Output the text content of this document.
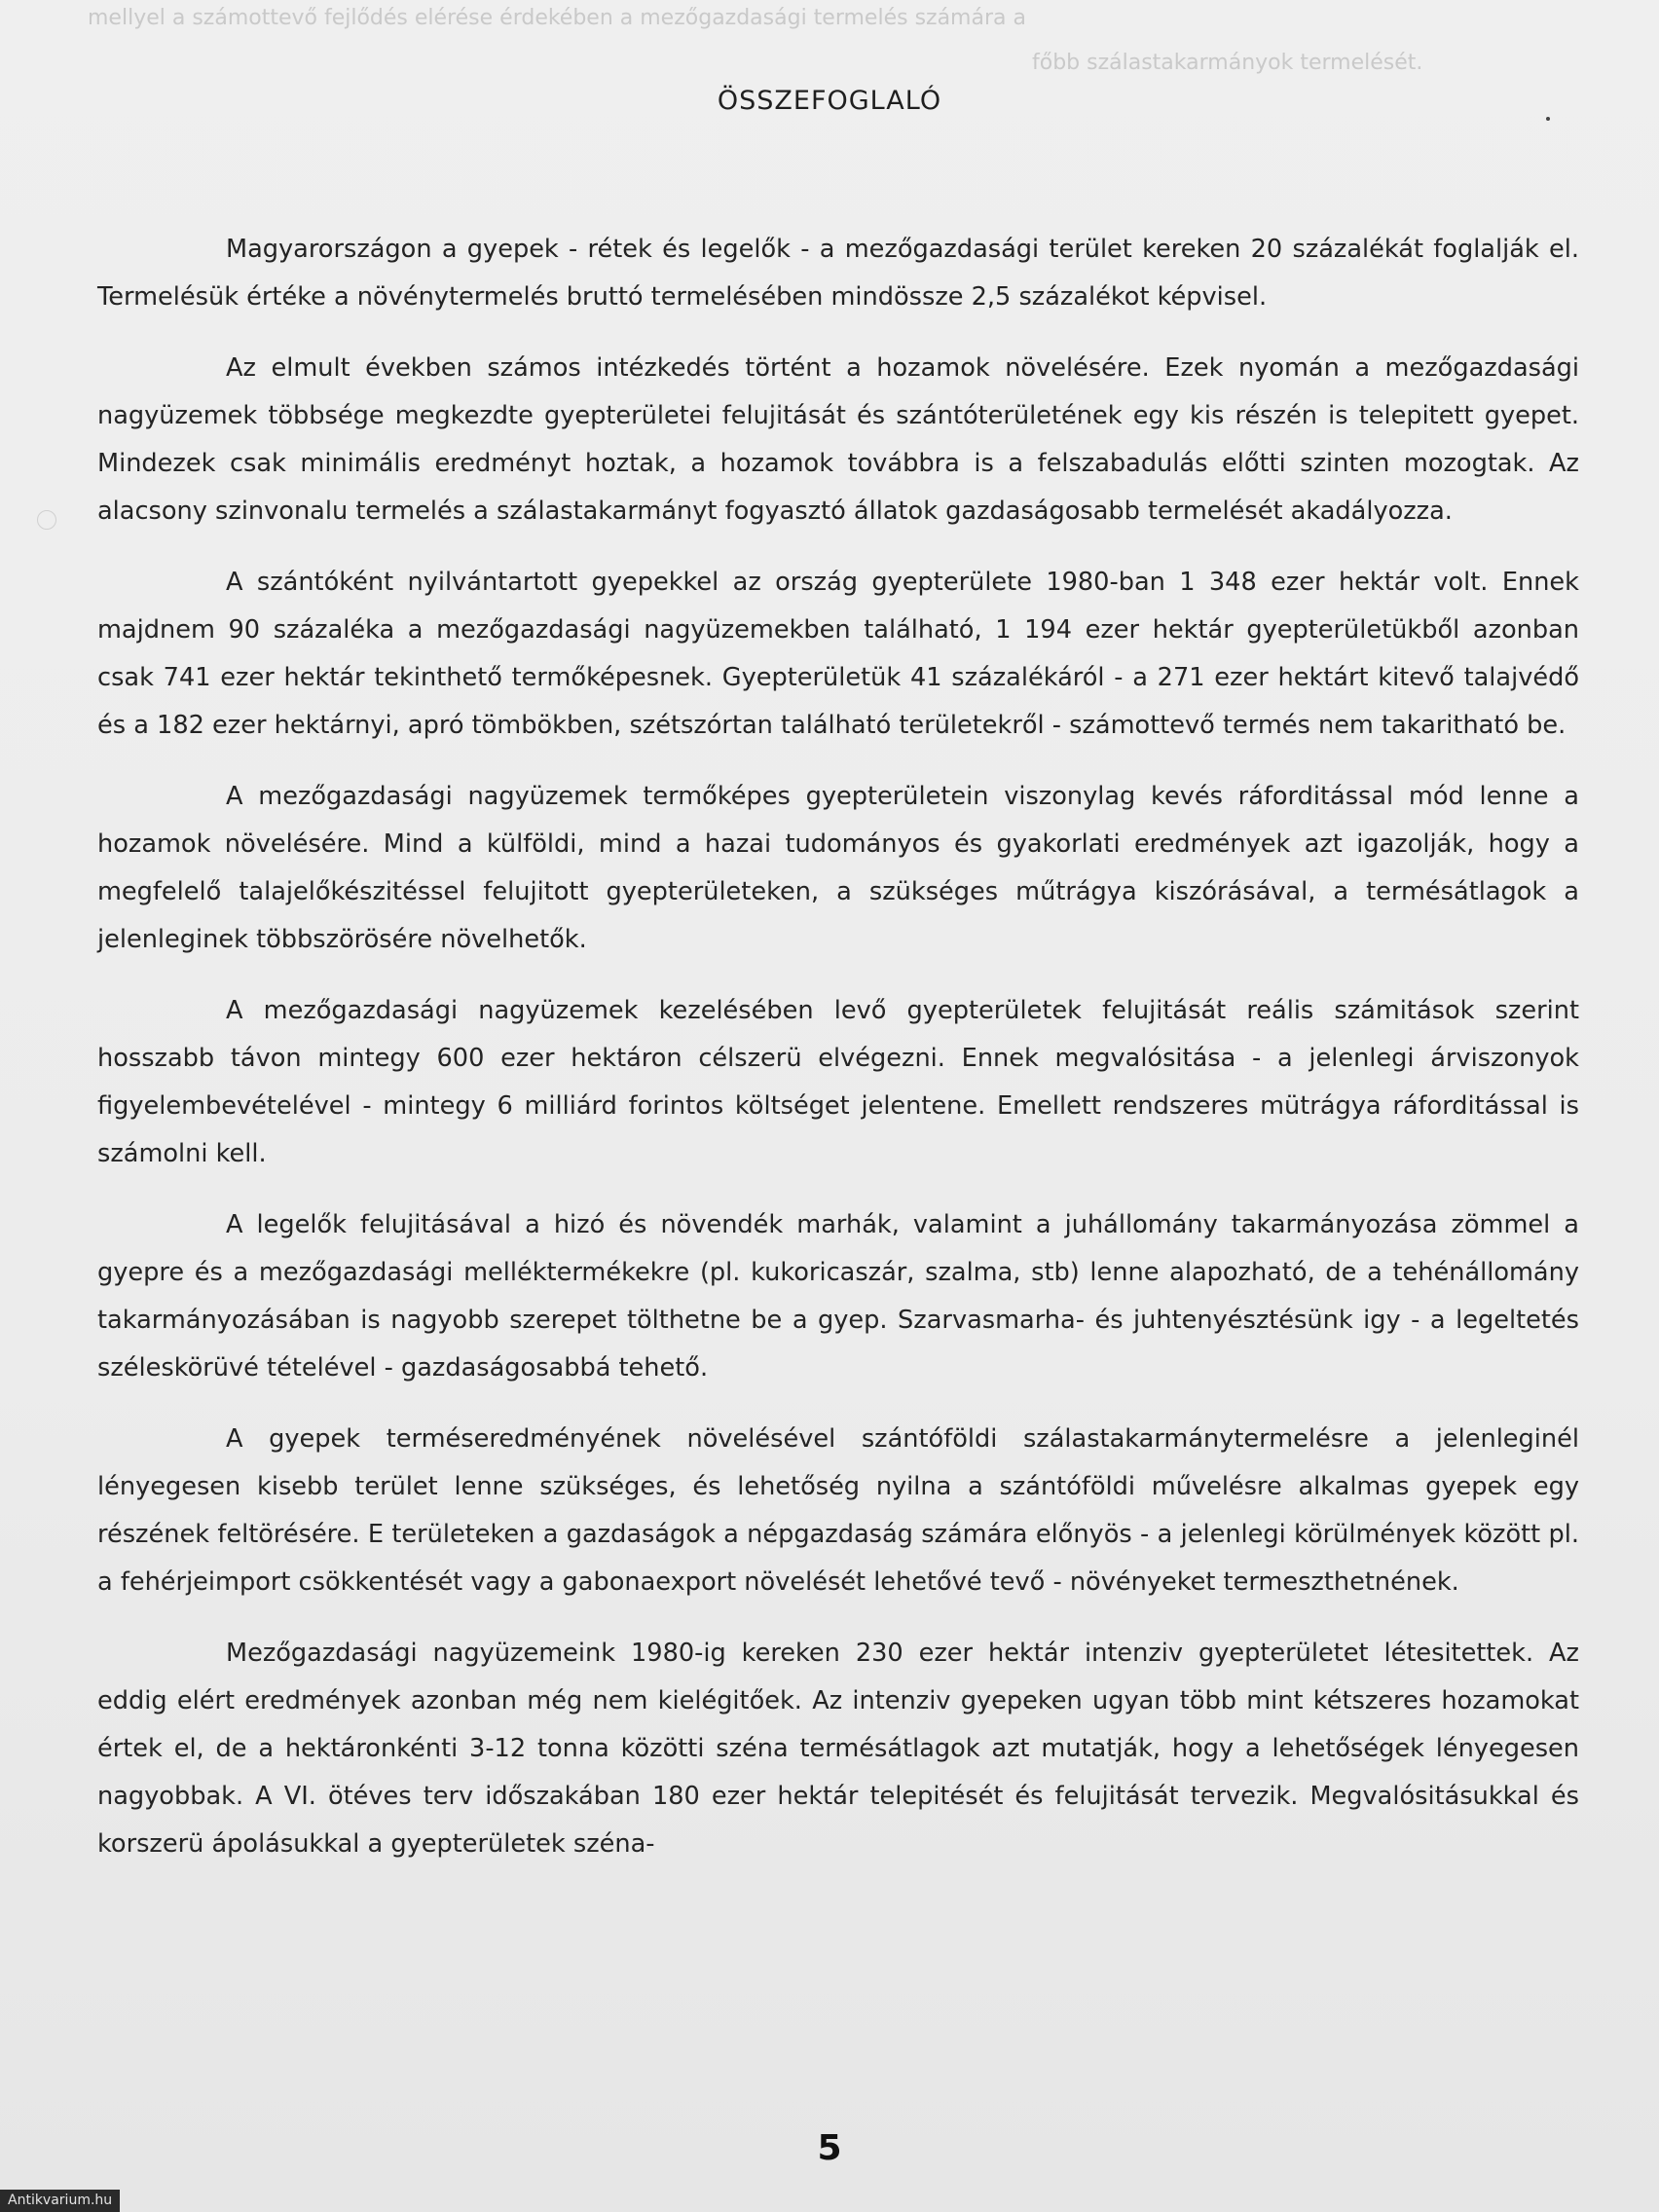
mellyel a számottevő fejlődés elérése érdekében a mezőgazdasági termelés számára a
főbb szálastakarmányok termelését.
ÖSSZEFOGLALÓ

Magyarországon a gyepek - rétek és legelők - a mezőgazdasági terület kereken 20 százalékát foglalják el. Termelésük értéke a növénytermelés bruttó termelésében mindössze 2,5 százalékot képvisel.

Az elmult években számos intézkedés történt a hozamok növelésére. Ezek nyomán a mezőgazdasági nagyüzemek többsége megkezdte gyepterületei felujitását és szántóterületének egy kis részén is telepitett gyepet. Mindezek csak minimális eredményt hoztak, a hozamok továbbra is a felszabadulás előtti szinten mozogtak. Az alacsony szinvonalu termelés a szálastakarmányt fogyasztó állatok gazdaságosabb termelését akadályozza.

A szántóként nyilvántartott gyepekkel az ország gyepterülete 1980-ban 1 348 ezer hektár volt. Ennek majdnem 90 százaléka a mezőgazdasági nagyüzemekben található, 1 194 ezer hektár gyepterületükből azonban csak 741 ezer hektár tekinthető termőképesnek. Gyepterületük 41 százalékáról - a 271 ezer hektárt kitevő talajvédő és a 182 ezer hektárnyi, apró tömbökben, szétszórtan található területekről - számottevő termés nem takaritható be.

A mezőgazdasági nagyüzemek termőképes gyepterületein viszonylag kevés ráforditással mód lenne a hozamok növelésére. Mind a külföldi, mind a hazai tudományos és gyakorlati eredmények azt igazolják, hogy a megfelelő talajelőkészitéssel felujitott gyepterületeken, a szükséges műtrágya kiszórásával, a termésátlagok a jelenleginek többszörösére növelhetők.

A mezőgazdasági nagyüzemek kezelésében levő gyepterületek felujitását reális számitások szerint hosszabb távon mintegy 600 ezer hektáron célszerü elvégezni. Ennek megvalósitása - a jelenlegi árviszonyok figyelembevételével - mintegy 6 milliárd forintos költséget jelentene. Emellett rendszeres mütrágya ráforditással is számolni kell.

A legelők felujitásával a hizó és növendék marhák, valamint a juhállomány takarmányozása zömmel a gyepre és a mezőgazdasági melléktermékekre (pl. kukoricaszár, szalma, stb) lenne alapozható, de a tehénállomány takarmányozásában is nagyobb szerepet tölthetne be a gyep. Szarvasmarha- és juhtenyésztésünk igy - a legeltetés széleskörüvé tételével - gazdaságosabbá tehető.

A gyepek terméseredményének növelésével szántóföldi szálastakarmánytermelésre a jelenleginél lényegesen kisebb terület lenne szükséges, és lehetőség nyilna a szántóföldi művelésre alkalmas gyepek egy részének feltörésére. E területeken a gazdaságok a népgazdaság számára előnyös - a jelenlegi körülmények között pl. a fehérjeimport csökkentését vagy a gabonaexport növelését lehetővé tevő - növényeket termeszthetnének.

Mezőgazdasági nagyüzemeink 1980-ig kereken 230 ezer hektár intenziv gyepterületet létesitettek. Az eddig elért eredmények azonban még nem kielégitőek. Az intenziv gyepeken ugyan több mint kétszeres hozamokat értek el, de a hektáronkénti 3-12 tonna közötti széna termésátlagok azt mutatják, hogy a lehetőségek lényegesen nagyobbak. A VI. ötéves terv időszakában 180 ezer hektár telepitését és felujitását tervezik. Megvalósitásukkal és korszerü ápolásukkal a gyepterületek széna-

5
Antikvarium.hu
